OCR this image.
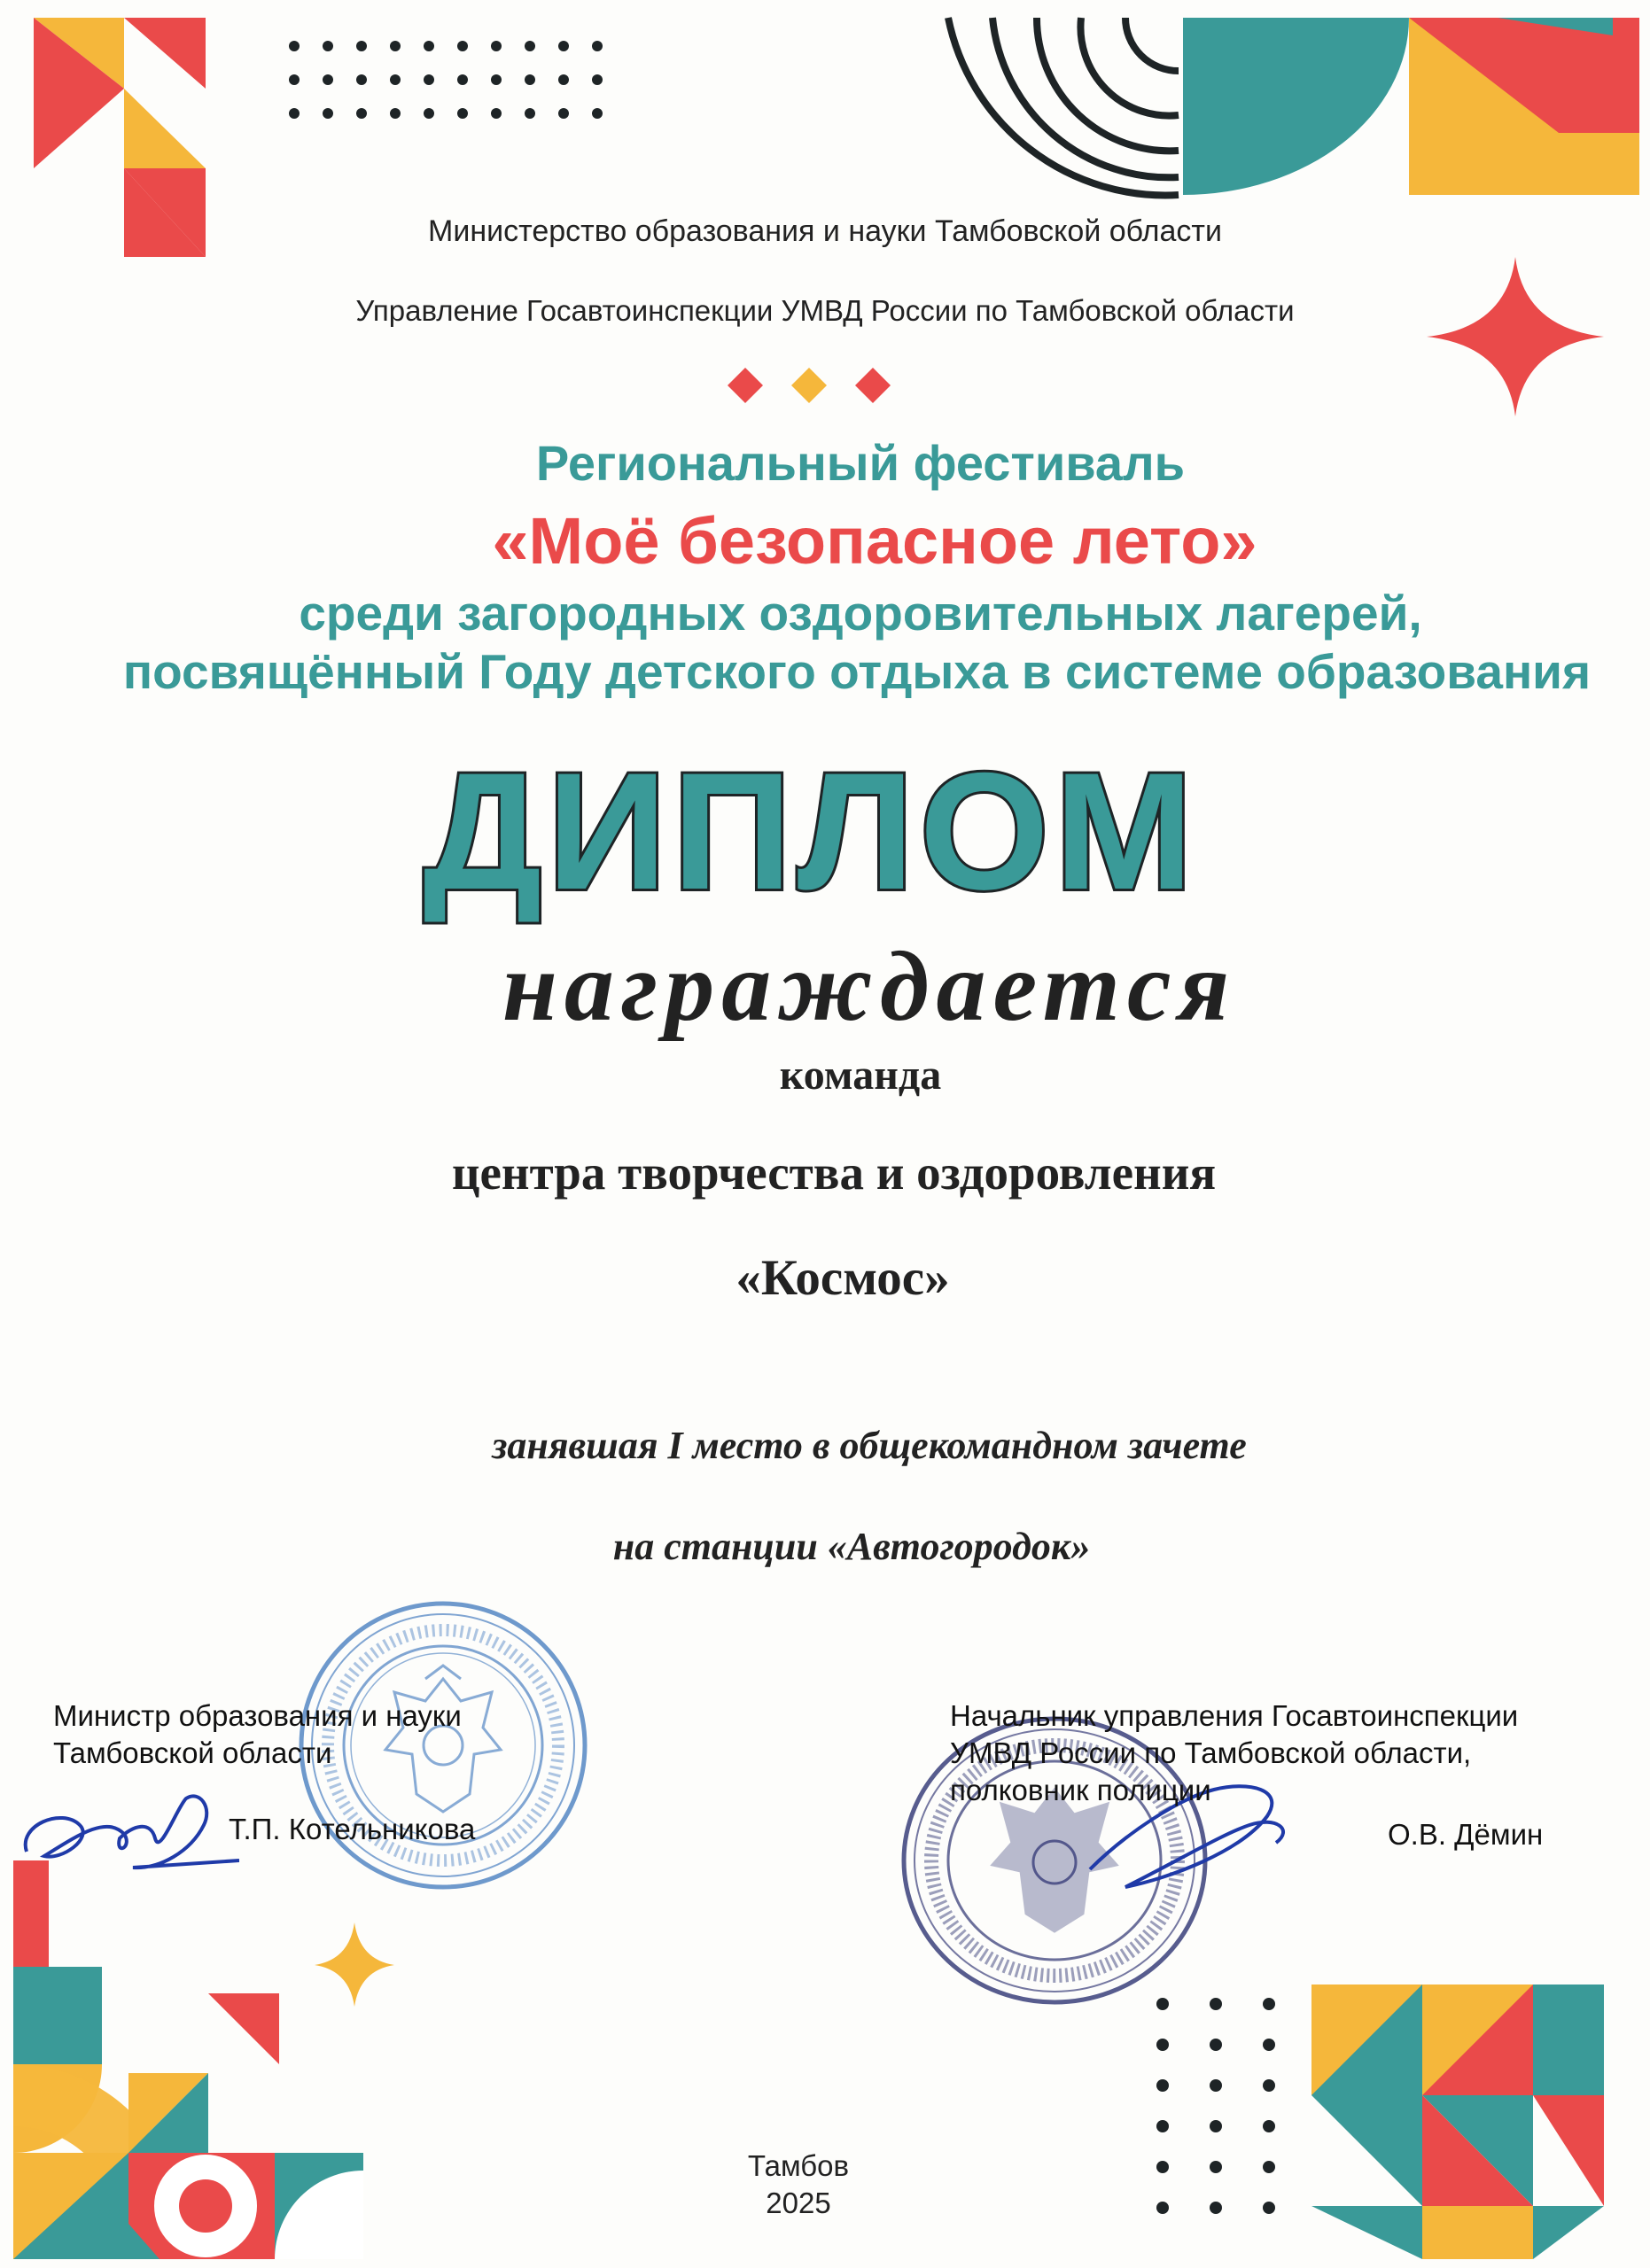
Министерство образования и науки Тамбовской области
Управление Госавтоинспекции УМВД России по Тамбовской области
Региональный фестиваль
«Моё безопасное лето»
среди загородных оздоровительных лагерей,
посвящённый Году детского отдыха в системе образования
ДИПЛОМ
награждается
команда
центра творчества и оздоровления
«Космос»
занявшая I место в общекомандном зачете
на станции «Автогородок»
Министр образования и науки
Тамбовской области
Т.П. Котельникова
Начальник управления Госавтоинспекции
УМВД России по Тамбовской области,
полковник полиции
О.В. Дёмин
Тамбов
2025
